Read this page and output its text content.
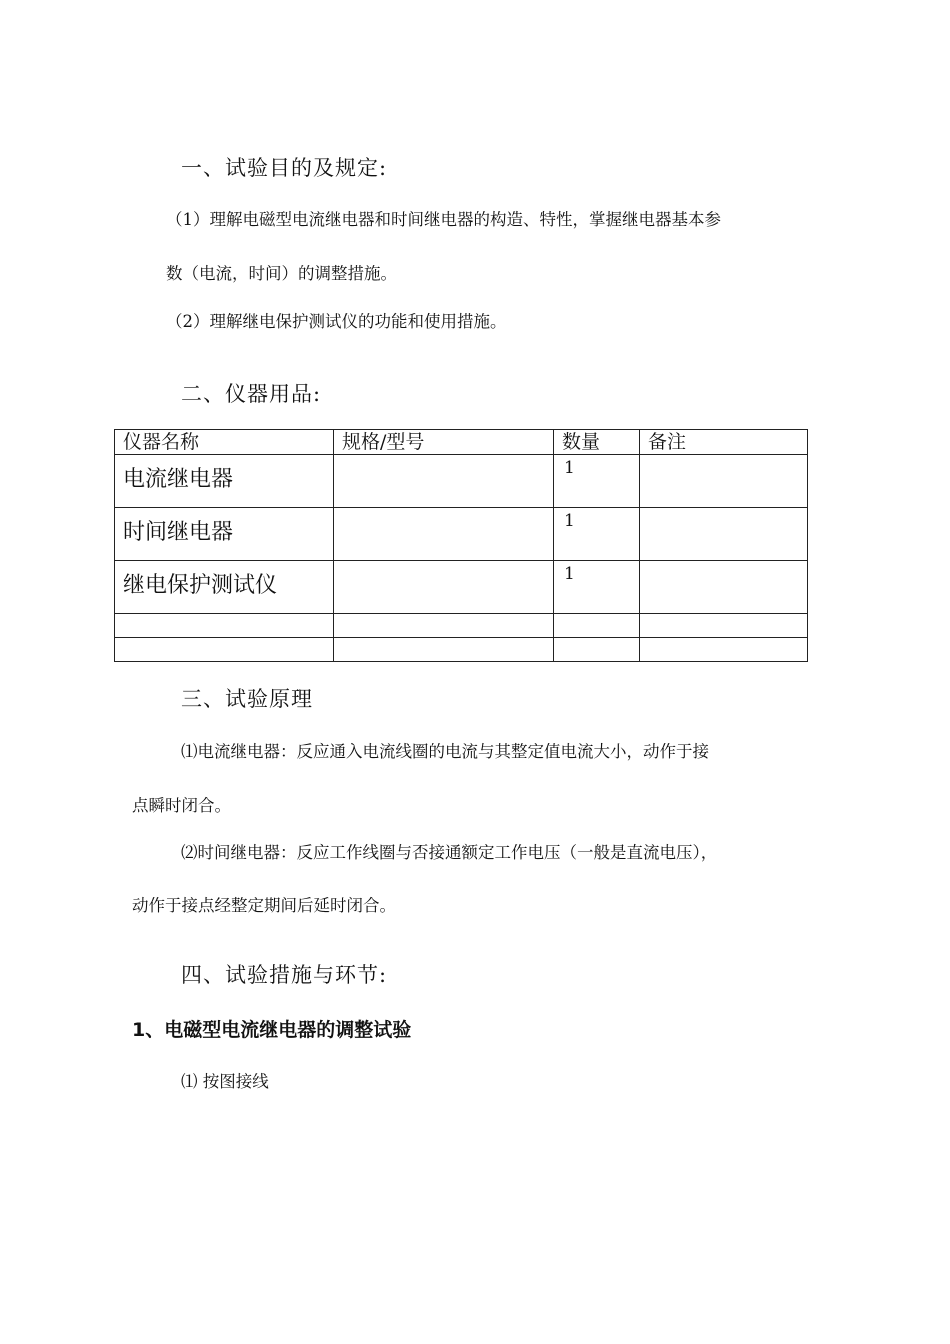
一、试验目的及规定:
（1）理解电磁型电流继电器和时间继电器的构造、特性，掌握继电器基本参
数（电流，时间）的调整措施。
（2）理解继电保护测试仪的功能和使用措施。
二、仪器用品:
仪器名称	规格/型号	数量	备注
电流继电器		1	
时间继电器		1	
继电保护测试仪		1	

三、试验原理
⑴电流继电器：反应通入电流线圈的电流与其整定值电流大小，动作于接
点瞬时闭合。
⑵时间继电器：反应工作线圈与否接通额定工作电压（一般是直流电压），
动作于接点经整定期间后延时闭合。
四、试验措施与环节:
1、电磁型电流继电器的调整试验
⑴ 按图接线
